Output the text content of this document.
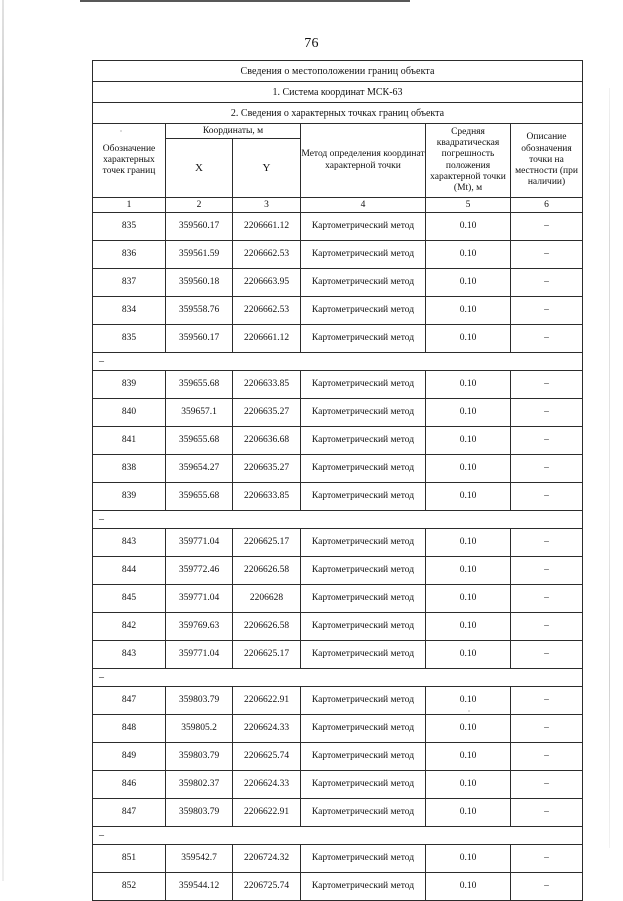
76
Сведения о местоположении границ объекта					
1. Система координат МСК-63					
2. Сведения о характерных точках границ объекта					
Обозначение характерных точек границ	Координаты, м		Метод определения координат характерной точки	Средняя квадратическая погрешность положения характерной точки (Мt), м	Описание обозначения точки на местности (при наличии)
	X	Y			
1	2	3	4	5	6
835	359560.17	2206661.12	Картометрический метод	0.10	–
836	359561.59	2206662.53	Картометрический метод	0.10	–
837	359560.18	2206663.95	Картометрический метод	0.10	–
834	359558.76	2206662.53	Картометрический метод	0.10	–
835	359560.17	2206661.12	Картометрический метод	0.10	–
–					
839	359655.68	2206633.85	Картометрический метод	0.10	–
840	359657.1	2206635.27	Картометрический метод	0.10	–
841	359655.68	2206636.68	Картометрический метод	0.10	–
838	359654.27	2206635.27	Картометрический метод	0.10	–
839	359655.68	2206633.85	Картометрический метод	0.10	–
–					
843	359771.04	2206625.17	Картометрический метод	0.10	–
844	359772.46	2206626.58	Картометрический метод	0.10	–
845	359771.04	2206628	Картометрический метод	0.10	–
842	359769.63	2206626.58	Картометрический метод	0.10	–
843	359771.04	2206625.17	Картометрический метод	0.10	–
–					
847	359803.79	2206622.91	Картометрический метод	0.10	–
848	359805.2	2206624.33	Картометрический метод	0.10	–
849	359803.79	2206625.74	Картометрический метод	0.10	–
846	359802.37	2206624.33	Картометрический метод	0.10	–
847	359803.79	2206622.91	Картометрический метод	0.10	–
–					
851	359542.7	2206724.32	Картометрический метод	0.10	–
852	359544.12	2206725.74	Картометрический метод	0.10	–
